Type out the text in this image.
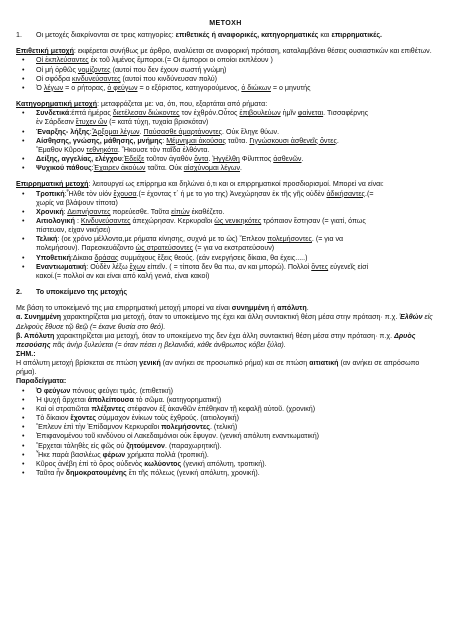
ΜΕΤΟΧΗ
1.	Οι μετοχές διακρίνονται σε τρεις κατηγορίες: επιθετικές ή αναφορικές, κατηγορηματικές και επιρρηματικές.

Επιθετική μετοχή: εκφέρεται συνήθως με άρθρο, αναλύεται σε αναφορική πρόταση, καταλαμβάνει θέσεις ουσιαστικών και επιθέτων.

• Οἱ ἐκπλεύσαντες ἐκ τοῦ λιμένος ἔμποροι.(= Οι έμποροι οι οποίοι εκπλέουν )
• Οἱ μή ὀρθῶς νομίζοντες (αυτοί που δεν έχουν σωστή γνώμη)
• Οἱ σφόδρα κινδυνεύσαντες (αυτοί που κινδύνευσαν πολύ)
• Ὁ λέγων = ο ρήτορας, ὁ φεύγων = ο εξόριστος, κατηγορούμενος, ὁ διώκων = ο μηνυτής

Κατηγορηματική μετοχή: μεταφράζεται με: να, ότι, που, εξαρτάται από ρήματα:

• Συνδετικά:έπτά ἡμέρας διετέλεσαν διώκοντες τον ἐχθρόν.Οὗτος ἐπιβουλεύων ἡμῖν φαίνεται. Τισσαφέρνης
ἐν Σάρδεσιν ἔτυχεν ὤν (= κατά τύχη, τυχαία βρισκόταν)
• Έναρξης- λήξης:Ἄρξομαι λέγων. Παύσασθε ἁμαρτάνοντες. Οὐκ ἔληγε θύων.
• Αίσθησης, γνώσης, μάθησης, μνήμης: Μέμνημαι ἀκούσας ταῦτα. Γιγνώσκουσι ἀσθενεῖς ὄντες.
Ἔμαθον Κῦρον τεθνηκότα. Ἤκουσε τὸν παῖδα ἐλθόντα.
• Δείξης, αγγελίας, ελέγχου:Ἐδείξε τοῦτον ἀγαθὸν ὄντα. Ἠγγέλθη Φίλιππος ἀσθενῶν.
• Ψυχικού πάθους:Ἐχαιρεν ἀκούων ταῦτα. Οὐκ αἰσχύνομαι λέγων.

Επιρρηματική μετοχή: λειτουργεί ως επίρρημα και δηλώνει ό,τι και οι επιρρηματικοί προσδιορισμοί. Μπορεί να είναι:

• Τροπική:Ἦλθε τὸν υἱόν ἔχουσα.(= έχοντας τ΄ ή με το γιο της) Ἀνεχώρησαν ἐκ τῆς γῆς οὐδὲν ἀδικήσαντες.(=
χωρίς να βλάψουν τίποτα)
• Χρονική: Δειπνήσαντες πορεύεσθε. Ταῦτα εἰπών ἐκαθέζετο.
• Αιτιολογική : Κινδυνεύσαντες ἀπεχώρησαν. Κερκυραῖοι ὡς νενικηκότες τρόπαιον ἔστησαν (= γιατί, όπως
πίστευαν, είχαν νικήσει)
• Τελική: (οε χρόνο μέλλοντα,με ρήματα κίνησης, συχνά με το ὡς) Ἔπλεον πολεμήσοντες. (= για να
πολεμήσουν). Παρεσκευάζοντο ὡς στρατεύσοντες (= για να εκστρατεύσουν)
• Υποθετική:Δίκαια δράσας συμμάχους ἕξεις θεούς. (εάν ενεργήσεις δίκαια, θα έχεις.....)
• Εναντιωματική: Οὐδὲν λέξω ἔχων εἰπεῖν. ( = τίποτα δεν θα πω, αν και μπορώ). Πολλοὶ ὄντες εὐγενεῖς εἰσί
κακοί.(= πολλοί αν και είναι από καλή γενιά, είναι κακοί)
2.	Το υποκείμενο της μετοχής

Με βάση το υποκείμενό της μια επιρρηματική μετοχή μπορεί να είναι συνημμένη ή απόλυτη.

α. Συνημμένη χαρακτηρίζεται μια μετοχή, όταν το υποκείμενο της έχει και άλλη συντακτική θέση μέσα στην πρόταση· π.χ. Ἐλθών εἰς Δελφοὺς ἔθυσε τῷ θεῷ (= έκανε θυσία στο θεό).

β. Απόλυτη χαρακτηρίζεται μια μετοχή, όταν το υποκείμενο της δεν έχει άλλη συντακτική θέση μέσα στην πρόταση· π.χ. Δρυὸς πεσούσης πᾶς ἀνὴρ ξυλεύεται (= όταν πέσει η βελανιδιά, κάθε άνθρωπος κόβει ξύλα).

ΣΗΜ.:

Η απόλυτη μετοχή βρίσκεται σε πτώση γενική (αν ανήκει σε προσωπικό ρήμα) και σε πτώση αιτιατική (αν ανήκει σε απρόσωπο ρήμα).

Παραδείγματα:

• Ὁ φεύγων πόνους φεύγει τιμάς. (επιθετική)
• Ἡ ψυχή ἄρχεται ἀπολείπουσα τὸ σῶμα. (κατηγορηματική)
• Καὶ οἱ στρατιῶται πλέξαντες στέφανον ἐξ ἀκανθῶν ἐπέθηκαν τῇ κεφαλῇ αὐτοῦ. (χρονική)
• Τὸ δίκαιον ἔχοντες σύμμαχον ἐνίκων τοὺς ἐχθρούς. (αιτιολογική)
• Ἔπλευν ἐπὶ τὴν Ἐπίδαμνον Κερκυραῖοι πολεμήσοντες. (τελική)
• Ἐπιφανομένου τοῦ κινδύνου οἱ Λακεδαιμόνιοι οὐκ ἔφυγον. (γενική απόλυτη εναντιωματική)
• Ἔρχεται τἀληθὲς εἰς φῶς οὐ ζητούμενον. (παραχωρητική).
• Ἧκε παρὰ βασιλέως φέρων χρήματα πολλά (τροπική).
• Κῦρος ἀνέβη ἐπὶ τὸ ὄρος οὐδενὸς κωλύοντος (γενική απόλυτη, τροπική).
• Ταῦτα ἦν δημοκρατουμένης ἔτι τῆς πόλεως (γενική απόλυτη, χρονική).
